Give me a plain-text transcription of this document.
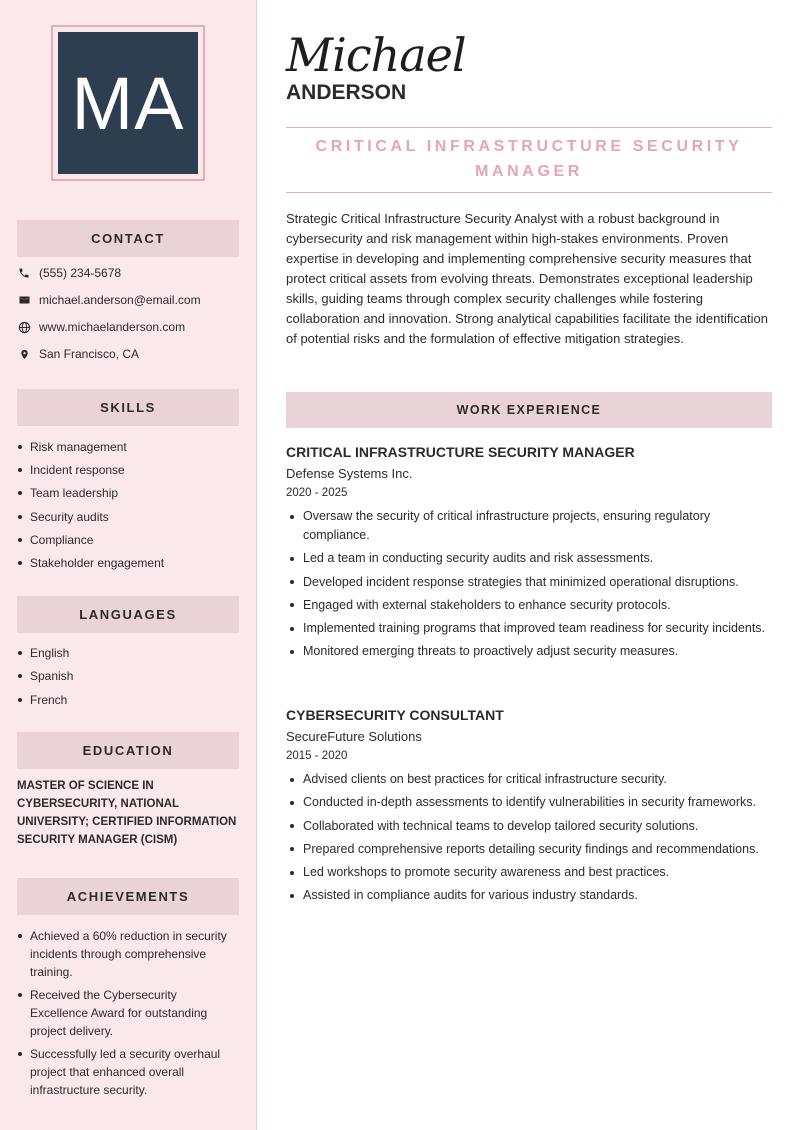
MA
CONTACT
(555) 234-5678
michael.anderson@email.com
www.michaelanderson.com
San Francisco, CA
SKILLS
Risk management
Incident response
Team leadership
Security audits
Compliance
Stakeholder engagement
LANGUAGES
English
Spanish
French
EDUCATION
MASTER OF SCIENCE IN CYBERSECURITY, NATIONAL UNIVERSITY; CERTIFIED INFORMATION SECURITY MANAGER (CISM)
ACHIEVEMENTS
Achieved a 60% reduction in security incidents through comprehensive training.
Received the Cybersecurity Excellence Award for outstanding project delivery.
Successfully led a security overhaul project that enhanced overall infrastructure security.
Michael
ANDERSON
CRITICAL INFRASTRUCTURE SECURITY MANAGER
Strategic Critical Infrastructure Security Analyst with a robust background in cybersecurity and risk management within high-stakes environments. Proven expertise in developing and implementing comprehensive security measures that protect critical assets from evolving threats. Demonstrates exceptional leadership skills, guiding teams through complex security challenges while fostering collaboration and innovation. Strong analytical capabilities facilitate the identification of potential risks and the formulation of effective mitigation strategies.
WORK EXPERIENCE
CRITICAL INFRASTRUCTURE SECURITY MANAGER
Defense Systems Inc.
2020 - 2025
Oversaw the security of critical infrastructure projects, ensuring regulatory compliance.
Led a team in conducting security audits and risk assessments.
Developed incident response strategies that minimized operational disruptions.
Engaged with external stakeholders to enhance security protocols.
Implemented training programs that improved team readiness for security incidents.
Monitored emerging threats to proactively adjust security measures.
CYBERSECURITY CONSULTANT
SecureFuture Solutions
2015 - 2020
Advised clients on best practices for critical infrastructure security.
Conducted in-depth assessments to identify vulnerabilities in security frameworks.
Collaborated with technical teams to develop tailored security solutions.
Prepared comprehensive reports detailing security findings and recommendations.
Led workshops to promote security awareness and best practices.
Assisted in compliance audits for various industry standards.
